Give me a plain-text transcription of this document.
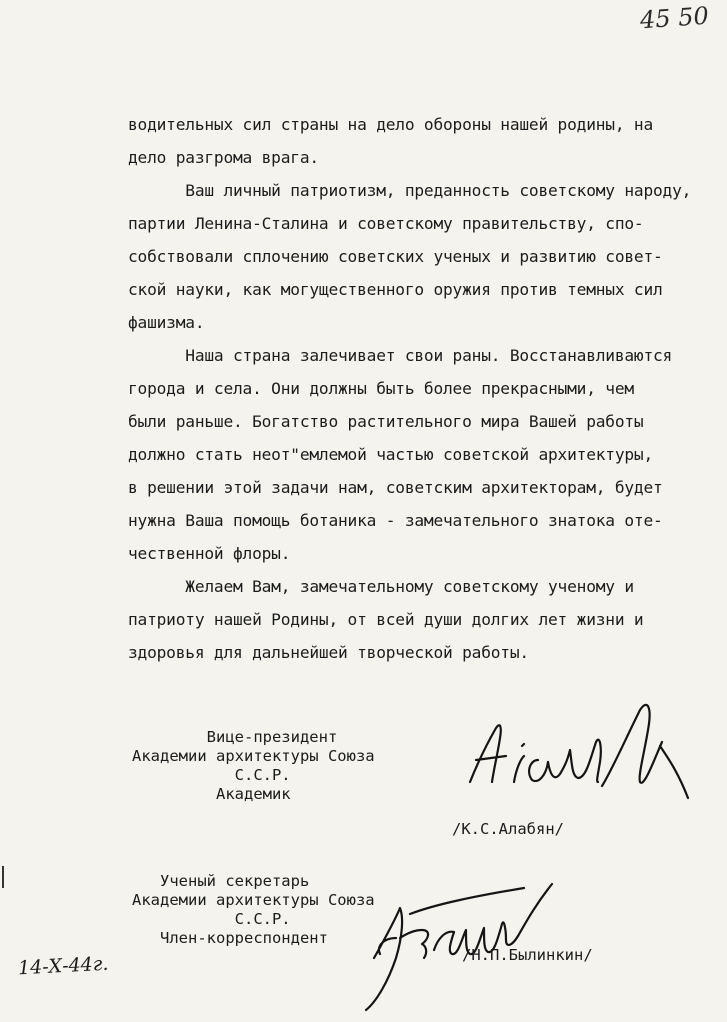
45 50

водительных сил страны на дело обороны нашей родины, на

дело разгрома врага.

Ваш личный патриотизм, преданность советскому народу,

партии Ленина-Сталина и советскому правительству, спо-

собствовали сплочению советских ученых и развитию совет-

ской науки, как могущественного оружия против темных сил

фашизма.

Наша страна залечивает свои раны. Восстанавливаются

города и села. Они должны быть более прекрасными, чем

были раньше. Богатство растительного мира Вашей работы

должно стать неот"емлемой частью советской архитектуры,

в решении этой задачи нам, советским архитекторам, будет

нужна Ваша помощь ботаника - замечательного знатока оте-

чественной флоры.

Желаем Вам, замечательному советскому ученому и

патриоту нашей Родины, от всей души долгих лет жизни и

здоровья для дальнейшей творческой работы.

Вице-президент

Академии архитектуры Союза

С.С.Р.

Академик

/К.С.Алабян/

Ученый секретарь

Академии архитектуры Союза

С.С.Р.

Член-корреспондент

/Н.П.Былинкин/
14-Х-44г.
